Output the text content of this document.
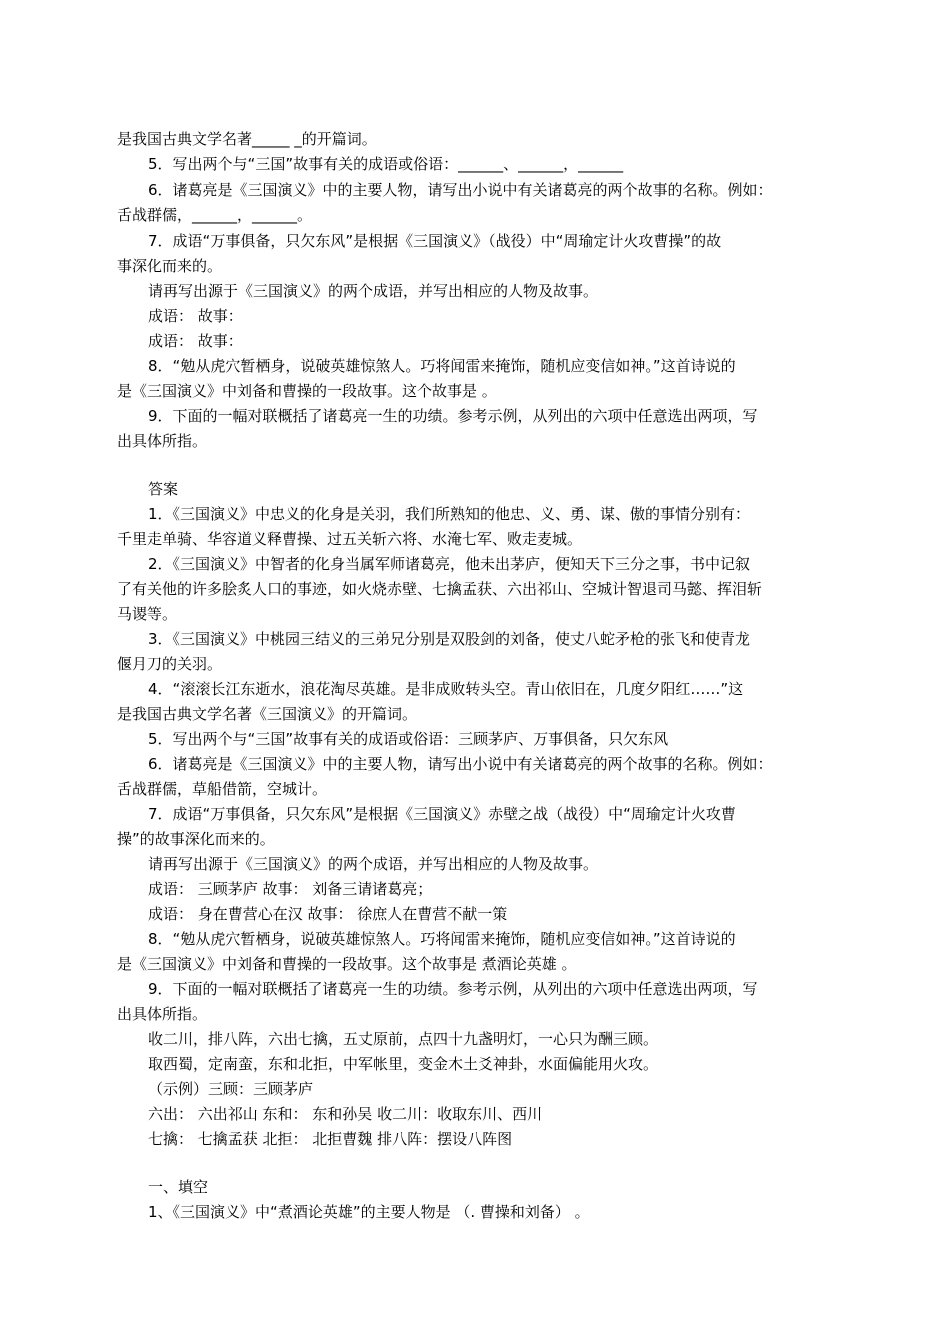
是我国古典文学名著_____ _的开篇词。
5．写出两个与“三国”故事有关的成语或俗语：______、______，______
6．诸葛亮是《三国演义》中的主要人物，请写出小说中有关诸葛亮的两个故事的名称。例如：
舌战群儒，______，______。
7．成语“万事俱备，只欠东风”是根据《三国演义》（战役）中“周瑜定计火攻曹操”的故
事深化而来的。
请再写出源于《三国演义》的两个成语，并写出相应的人物及故事。
成语： 故事：
成语： 故事：
8．“勉从虎穴暂栖身，说破英雄惊煞人。巧将闻雷来掩饰，随机应变信如神。”这首诗说的
是《三国演义》中刘备和曹操的一段故事。这个故事是 。
9．下面的一幅对联概括了诸葛亮一生的功绩。参考示例，从列出的六项中任意选出两项，写
出具体所指。
答案
1．《三国演义》中忠义的化身是关羽，我们所熟知的他忠、义、勇、谋、傲的事情分别有：
千里走单骑、华容道义释曹操、过五关斩六将、水淹七军、败走麦城。
2．《三国演义》中智者的化身当属军师诸葛亮，他未出茅庐，便知天下三分之事，书中记叙
了有关他的许多脍炙人口的事迹，如火烧赤壁、七擒孟获、六出祁山、空城计智退司马懿、挥泪斩
马谡等。
3．《三国演义》中桃园三结义的三弟兄分别是双股剑的刘备，使丈八蛇矛枪的张飞和使青龙
偃月刀的关羽。
4．“滚滚长江东逝水，浪花淘尽英雄。是非成败转头空。青山依旧在，几度夕阳红……”这
是我国古典文学名著《三国演义》的开篇词。
5．写出两个与“三国”故事有关的成语或俗语：三顾茅庐、万事俱备，只欠东风
6．诸葛亮是《三国演义》中的主要人物，请写出小说中有关诸葛亮的两个故事的名称。例如：
舌战群儒，草船借箭，空城计。
7．成语“万事俱备，只欠东风”是根据《三国演义》赤壁之战（战役）中“周瑜定计火攻曹
操”的故事深化而来的。
请再写出源于《三国演义》的两个成语，并写出相应的人物及故事。
成语： 三顾茅庐 故事： 刘备三请诸葛亮；
成语： 身在曹营心在汉 故事： 徐庶人在曹营不献一策
8．“勉从虎穴暂栖身，说破英雄惊煞人。巧将闻雷来掩饰，随机应变信如神。”这首诗说的
是《三国演义》中刘备和曹操的一段故事。这个故事是 煮酒论英雄 。
9．下面的一幅对联概括了诸葛亮一生的功绩。参考示例，从列出的六项中任意选出两项，写
出具体所指。
收二川，排八阵，六出七擒，五丈原前，点四十九盏明灯，一心只为酬三顾。
取西蜀，定南蛮，东和北拒，中军帐里，变金木土爻神卦，水面偏能用火攻。
（示例）三顾：三顾茅庐
六出： 六出祁山 东和： 东和孙吴 收二川：收取东川、西川
七擒： 七擒孟获 北拒： 北拒曹魏 排八阵：摆设八阵图
一、填空
1、《三国演义》中“煮酒论英雄”的主要人物是 （. 曹操和刘备） 。
